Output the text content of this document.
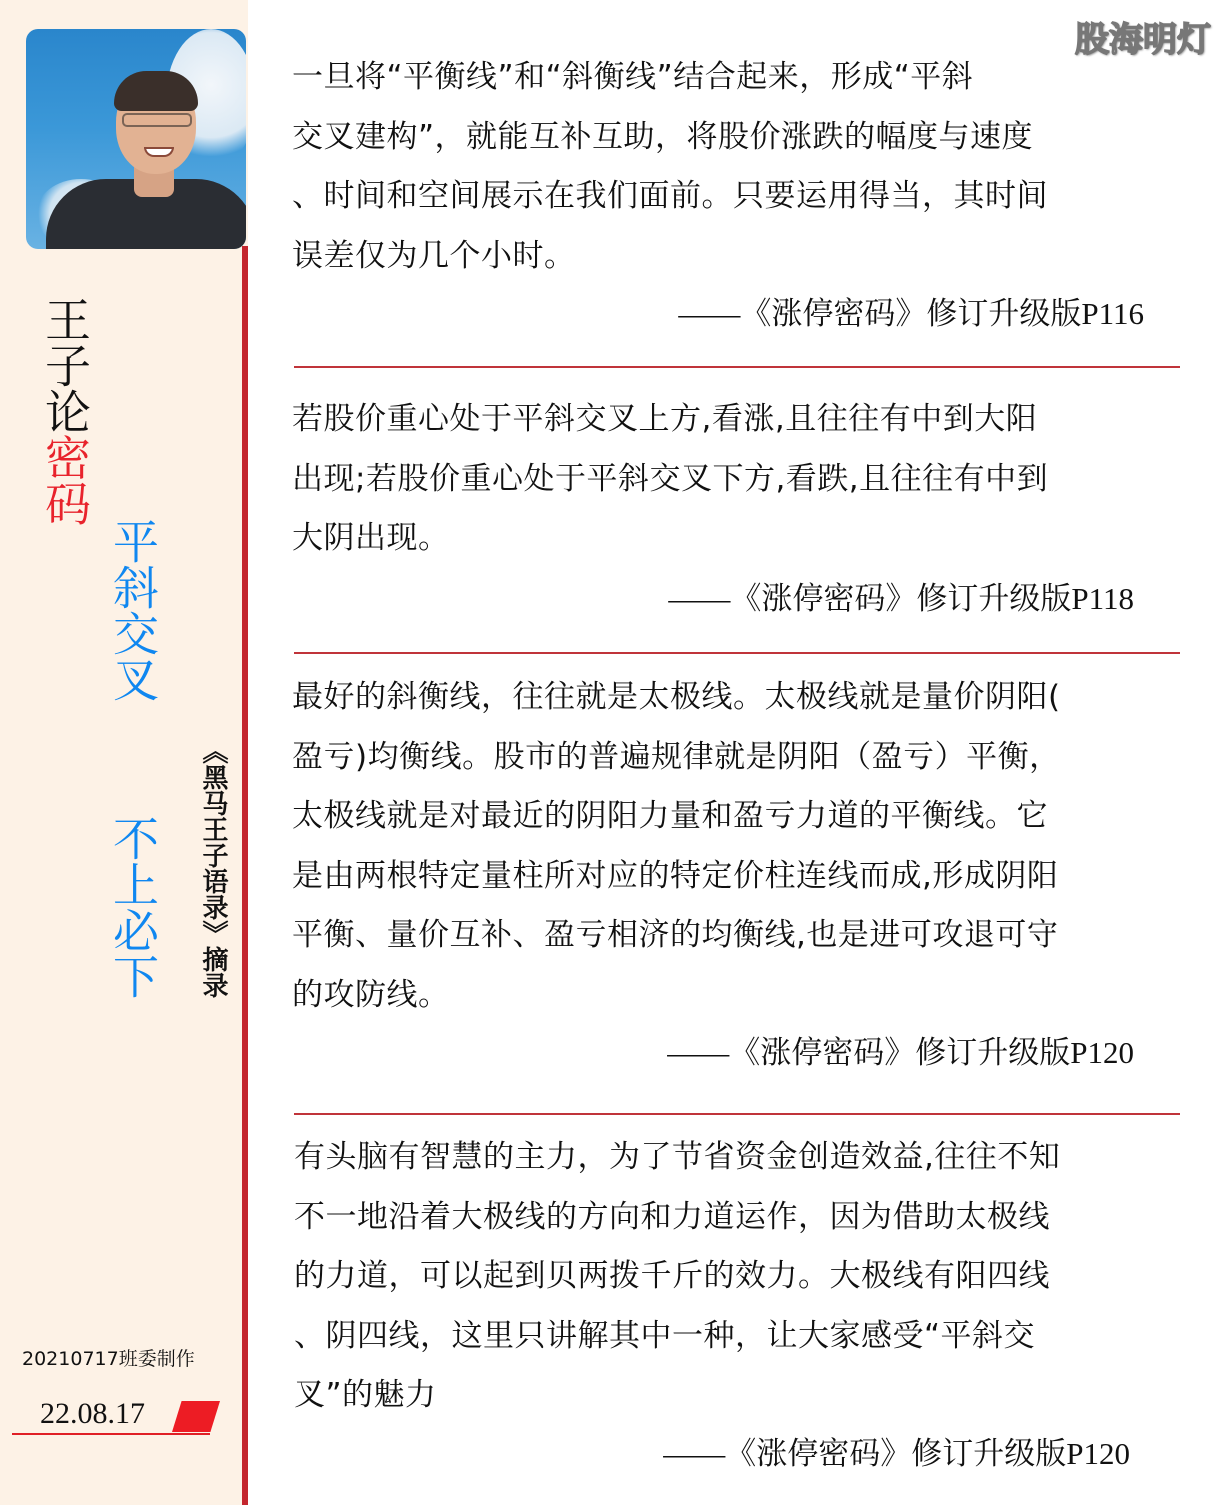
王子论密码
平斜交叉
不上必下 《黑马王子语录》摘录
20210717班委制作
22.08.17
股海明灯

一旦将“平衡线”和“斜衡线”结合起来，形成“平斜

交叉建构”，就能互补互助，将股价涨跌的幅度与速度

、时间和空间展示在我们面前。只要运用得当，其时间

误差仅为几个小时。

——《涨停密码》修订升级版P116

若股价重心处于平斜交叉上方,看涨,且往往有中到大阳

出现;若股价重心处于平斜交叉下方,看跌,且往往有中到

大阴出现。

——《涨停密码》修订升级版P118

最好的斜衡线，往往就是太极线。太极线就是量价阴阳(

盈亏)均衡线。股市的普遍规律就是阴阳（盈亏）平衡，

太极线就是对最近的阴阳力量和盈亏力道的平衡线。它

是由两根特定量柱所对应的特定价柱连线而成,形成阴阳

平衡、量价互补、盈亏相济的均衡线,也是进可攻退可守

的攻防线。

——《涨停密码》修订升级版P120

有头脑有智慧的主力，为了节省资金创造效益,往往不知

不一地沿着大极线的方向和力道运作，因为借助太极线

的力道，可以起到贝两拨千斤的效力。大极线有阳四线

、阴四线，这里只讲解其中一种，让大家感受“平斜交

叉”的魅力

——《涨停密码》修订升级版P120
